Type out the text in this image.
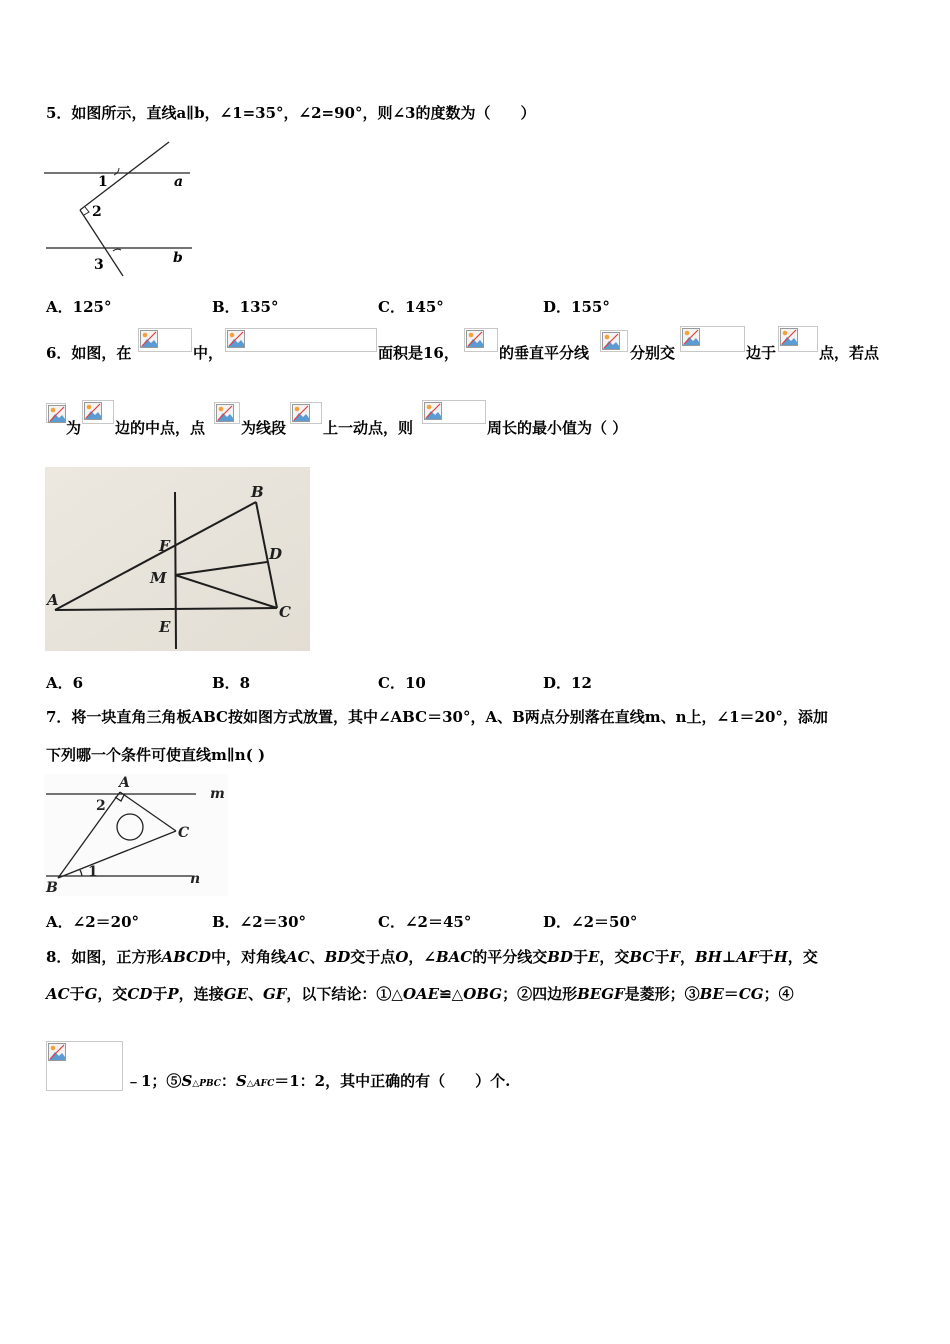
5．如图所示，直线a∥b，∠1=35°，∠2=90°，则∠3的度数为（　　）
1
2
3
a
b
A．125°	B．135°	C．145°	D．155°
6．如图，在	中，	面积是16，	的垂直平分线	分别交	边于	点，若点
为 边的中点，点 为线段 上一动点，则	周长的最小值为（ ）
A
B
C
D
E
F
M
A．6	B．8	C．10	D．12
7．将一块直角三角板ABC按如图方式放置，其中∠ABC＝30°，A、B两点分别落在直线m、n上，∠1＝20°，添加
下列哪一个条件可使直线m∥n( )
A
B
C
m
n
1
2
A．∠2＝20°	B．∠2＝30°	C．∠2＝45°	D．∠2＝50°
8．如图，正方形ABCD中，对角线AC、BD交于点O，∠BAC的平分线交BD于E，交BC于F，BH⊥AF于H，交
AC于G，交CD于P，连接GE、GF，以下结论：①△OAE≌△OBG；②四边形BEGF是菱形；③BE＝CG；④
﹣1；⑤S△PBC：S△AFC＝1：2，其中正确的有（　　）个.
